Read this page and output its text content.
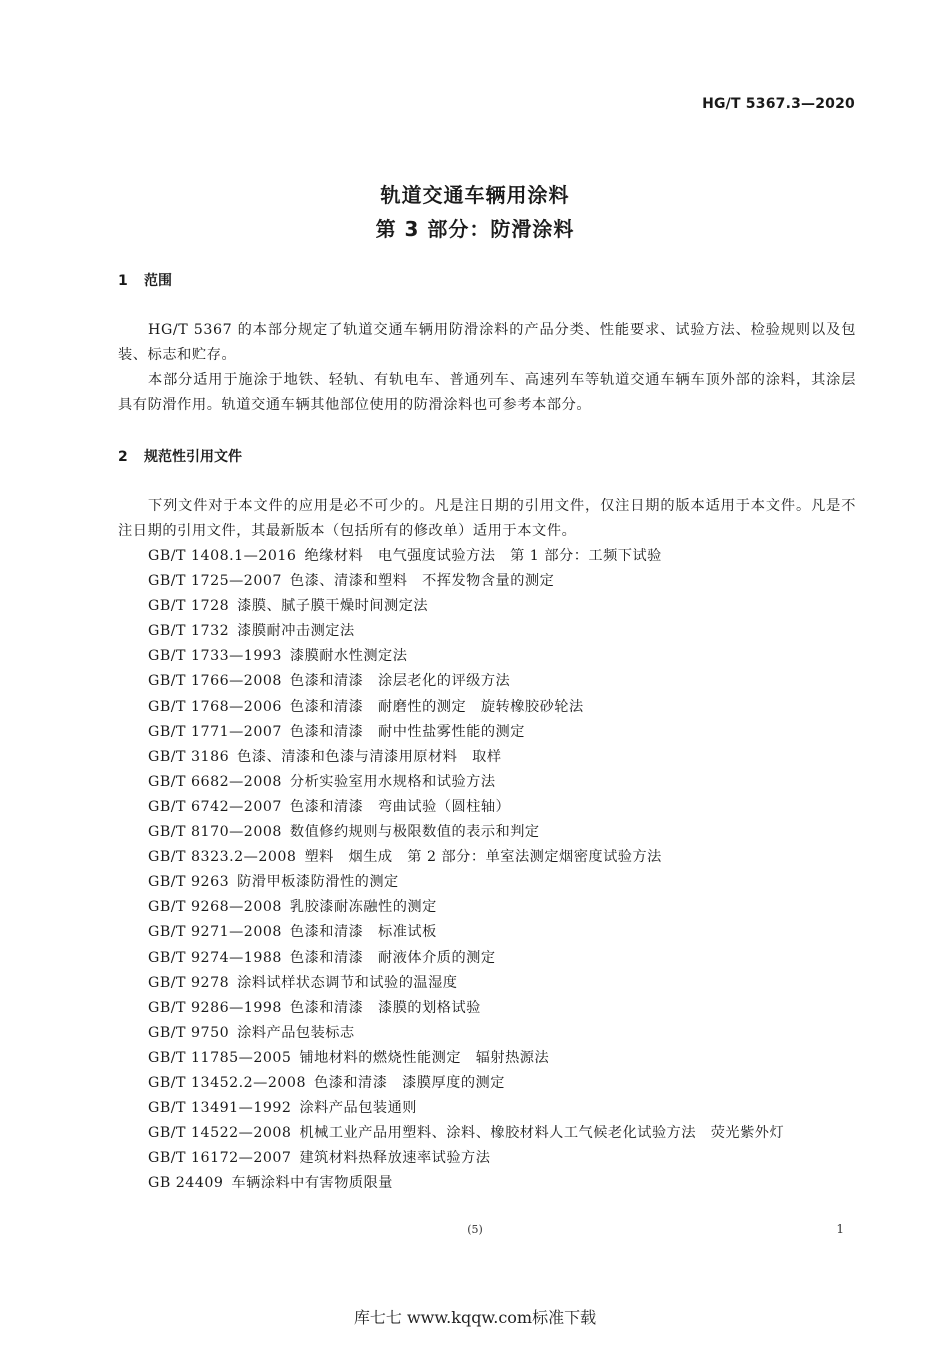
HG/T 5367.3—2020
轨道交通车辆用涂料
第 3 部分：防滑涂料
1 范围
HG/T 5367 的本部分规定了轨道交通车辆用防滑涂料的产品分类、性能要求、试验方法、检验规则以及包装、标志和贮存。
本部分适用于施涂于地铁、轻轨、有轨电车、普通列车、高速列车等轨道交通车辆车顶外部的涂料，其涂层具有防滑作用。轨道交通车辆其他部位使用的防滑涂料也可参考本部分。
2 规范性引用文件
下列文件对于本文件的应用是必不可少的。凡是注日期的引用文件，仅注日期的版本适用于本文件。凡是不注日期的引用文件，其最新版本（包括所有的修改单）适用于本文件。
GB/T 1408.1—2016 绝缘材料　电气强度试验方法　第 1 部分：工频下试验
GB/T 1725—2007 色漆、清漆和塑料　不挥发物含量的测定
GB/T 1728 漆膜、腻子膜干燥时间测定法
GB/T 1732 漆膜耐冲击测定法
GB/T 1733—1993 漆膜耐水性测定法
GB/T 1766—2008 色漆和清漆　涂层老化的评级方法
GB/T 1768—2006 色漆和清漆　耐磨性的测定　旋转橡胶砂轮法
GB/T 1771—2007 色漆和清漆　耐中性盐雾性能的测定
GB/T 3186 色漆、清漆和色漆与清漆用原材料　取样
GB/T 6682—2008 分析实验室用水规格和试验方法
GB/T 6742—2007 色漆和清漆　弯曲试验（圆柱轴）
GB/T 8170—2008 数值修约规则与极限数值的表示和判定
GB/T 8323.2—2008 塑料　烟生成　第 2 部分：单室法测定烟密度试验方法
GB/T 9263 防滑甲板漆防滑性的测定
GB/T 9268—2008 乳胶漆耐冻融性的测定
GB/T 9271—2008 色漆和清漆　标准试板
GB/T 9274—1988 色漆和清漆　耐液体介质的测定
GB/T 9278 涂料试样状态调节和试验的温湿度
GB/T 9286—1998 色漆和清漆　漆膜的划格试验
GB/T 9750 涂料产品包装标志
GB/T 11785—2005 铺地材料的燃烧性能测定　辐射热源法
GB/T 13452.2—2008 色漆和清漆　漆膜厚度的测定
GB/T 13491—1992 涂料产品包装通则
GB/T 14522—2008 机械工业产品用塑料、涂料、橡胶材料人工气候老化试验方法　荧光紫外灯
GB/T 16172—2007 建筑材料热释放速率试验方法
GB 24409 车辆涂料中有害物质限量
(5)	1
库七七 www.kqqw.com标准下载
